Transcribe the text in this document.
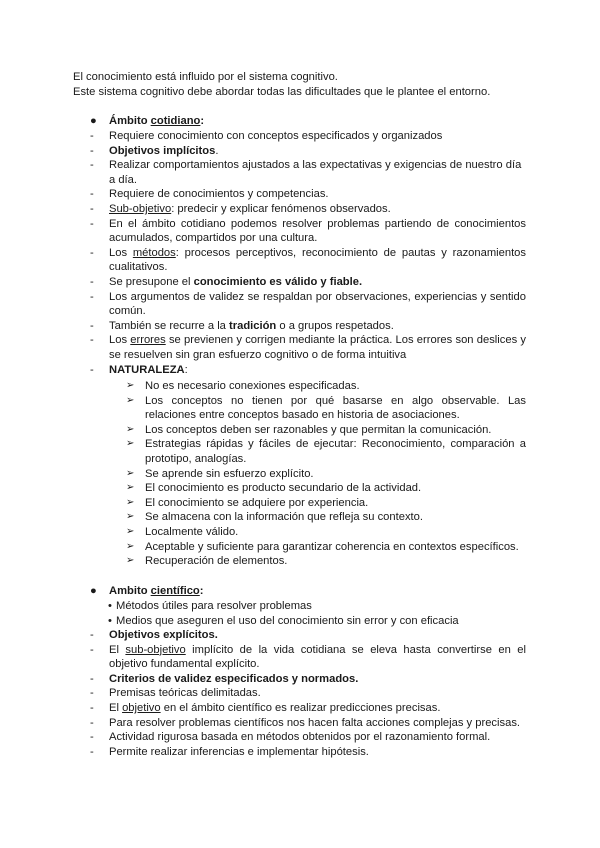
El conocimiento está influido por el sistema cognitivo.

Este sistema cognitivo debe abordar todas las dificultades que le plantee el entorno.

● Ámbito cotidiano:
- Requiere conocimiento con conceptos especificados y organizados
- Objetivos implícitos.
- Realizar comportamientos ajustados a las expectativas y exigencias de nuestro día a día.
- Requiere de conocimientos y competencias.
- Sub-objetivo: predecir y explicar fenómenos observados.
- En el ámbito cotidiano podemos resolver problemas partiendo de conocimientos acumulados, compartidos por una cultura.
- Los métodos: procesos perceptivos, reconocimiento de pautas y razonamientos cualitativos.
- Se presupone el conocimiento es válido y fiable.
- Los argumentos de validez se respaldan por observaciones, experiencias y sentido común.
- También se recurre a la tradición o a grupos respetados.
- Los errores se previenen y corrigen mediante la práctica. Los errores son deslices y se resuelven sin gran esfuerzo cognitivo o de forma intuitiva
- NATURALEZA:
➢ No es necesario conexiones especificadas.
➢ Los conceptos no tienen por qué basarse en algo observable. Las relaciones entre conceptos basado en historia de asociaciones.
➢ Los conceptos deben ser razonables y que permitan la comunicación.
➢ Estrategias rápidas y fáciles de ejecutar: Reconocimiento, comparación a prototipo, analogías.
➢ Se aprende sin esfuerzo explícito.
➢ El conocimiento es producto secundario de la actividad.
➢ El conocimiento se adquiere por experiencia.
➢ Se almacena con la información que refleja su contexto.
➢ Localmente válido.
➢ Aceptable y suficiente para garantizar coherencia en contextos específicos.
➢ Recuperación de elementos.
● Ambito científico:
• Métodos útiles para resolver problemas
• Medios que aseguren el uso del conocimiento sin error y con eficacia
- Objetivos explícitos.
- El sub-objetivo implícito de la vida cotidiana se eleva hasta convertirse en el objetivo fundamental explícito.
- Criterios de validez especificados y normados.
- Premisas teóricas delimitadas.
- El objetivo en el ámbito científico es realizar predicciones precisas.
- Para resolver problemas científicos nos hacen falta acciones complejas y precisas.
- Actividad rigurosa basada en métodos obtenidos por el razonamiento formal.
- Permite realizar inferencias e implementar hipótesis.
